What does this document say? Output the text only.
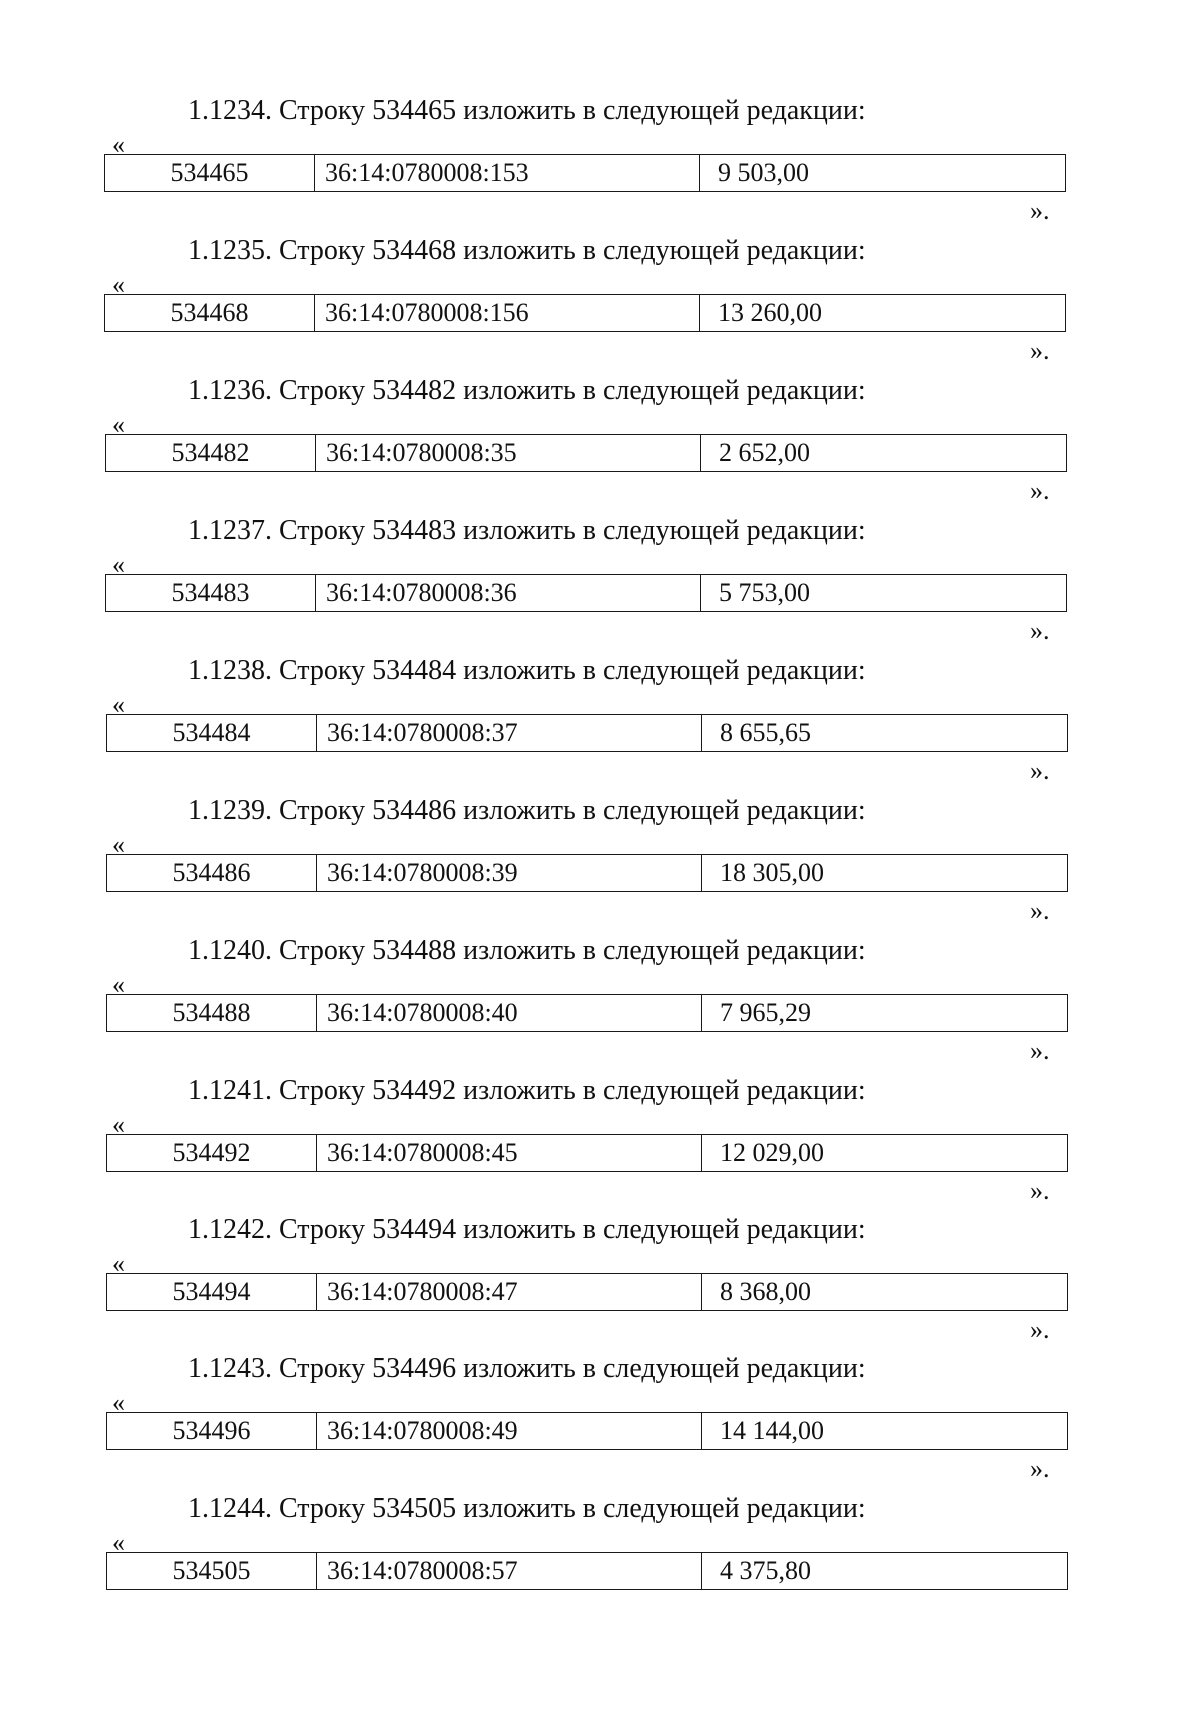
1.1234. Строку 534465 изложить в следующей редакции:
«
534465	36:14:0780008:153	9 503,00
».
1.1235. Строку 534468 изложить в следующей редакции:
«
534468	36:14:0780008:156	13 260,00
».
1.1236. Строку 534482 изложить в следующей редакции:
«
534482	36:14:0780008:35	2 652,00
».
1.1237. Строку 534483 изложить в следующей редакции:
«
534483	36:14:0780008:36	5 753,00
».
1.1238. Строку 534484 изложить в следующей редакции:
«
534484	36:14:0780008:37	8 655,65
».
1.1239. Строку 534486 изложить в следующей редакции:
«
534486	36:14:0780008:39	18 305,00
».
1.1240. Строку 534488 изложить в следующей редакции:
«
534488	36:14:0780008:40	7 965,29
».
1.1241. Строку 534492 изложить в следующей редакции:
«
534492	36:14:0780008:45	12 029,00
».
1.1242. Строку 534494 изложить в следующей редакции:
«
534494	36:14:0780008:47	8 368,00
».
1.1243. Строку 534496 изложить в следующей редакции:
«
534496	36:14:0780008:49	14 144,00
».
1.1244. Строку 534505 изложить в следующей редакции:
«
534505	36:14:0780008:57	4 375,80
